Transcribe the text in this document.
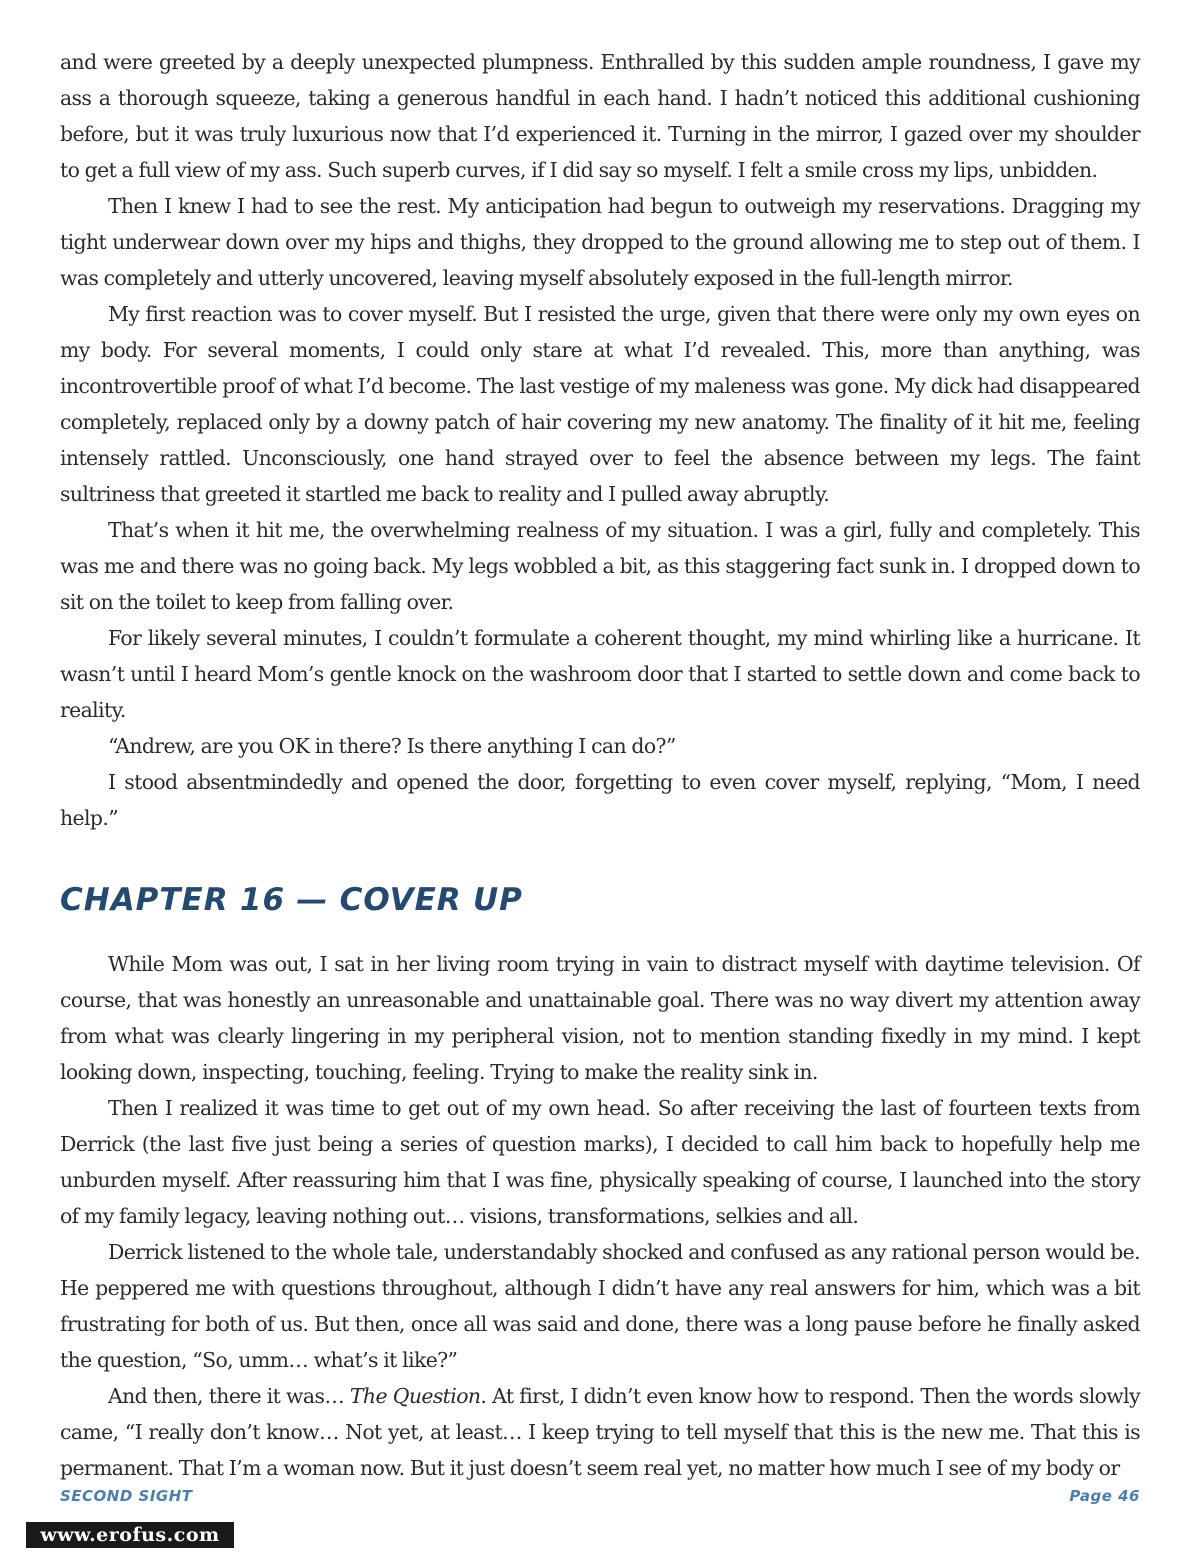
and were greeted by a deeply unexpected plumpness. Enthralled by this sudden ample roundness, I gave my ass a thorough squeeze, taking a generous handful in each hand. I hadn’t noticed this additional cushioning before, but it was truly luxurious now that I’d experienced it. Turning in the mirror, I gazed over my shoulder to get a full view of my ass. Such superb curves, if I did say so myself. I felt a smile cross my lips, unbidden.

Then I knew I had to see the rest. My anticipation had begun to outweigh my reservations. Dragging my tight underwear down over my hips and thighs, they dropped to the ground allowing me to step out of them. I was completely and utterly uncovered, leaving myself absolutely exposed in the full-length mirror.

My first reaction was to cover myself. But I resisted the urge, given that there were only my own eyes on my body. For several moments, I could only stare at what I’d revealed. This, more than anything, was incontrovertible proof of what I’d become. The last vestige of my maleness was gone. My dick had disappeared completely, replaced only by a downy patch of hair covering my new anatomy. The finality of it hit me, feeling intensely rattled. Unconsciously, one hand strayed over to feel the absence between my legs. The faint sultriness that greeted it startled me back to reality and I pulled away abruptly.

That’s when it hit me, the overwhelming realness of my situation. I was a girl, fully and completely. This was me and there was no going back. My legs wobbled a bit, as this staggering fact sunk in. I dropped down to sit on the toilet to keep from falling over.

For likely several minutes, I couldn’t formulate a coherent thought, my mind whirling like a hurricane. It wasn’t until I heard Mom’s gentle knock on the washroom door that I started to settle down and come back to reality.

“Andrew, are you OK in there? Is there anything I can do?”

I stood absentmindedly and opened the door, forgetting to even cover myself, replying, “Mom, I need help.”

CHAPTER 16 — COVER UP

While Mom was out, I sat in her living room trying in vain to distract myself with daytime television. Of course, that was honestly an unreasonable and unattainable goal. There was no way divert my attention away from what was clearly lingering in my peripheral vision, not to mention standing fixedly in my mind. I kept looking down, inspecting, touching, feeling. Trying to make the reality sink in.

Then I realized it was time to get out of my own head. So after receiving the last of fourteen texts from Derrick (the last five just being a series of question marks), I decided to call him back to hopefully help me unburden myself. After reassuring him that I was fine, physically speaking of course, I launched into the story of my family legacy, leaving nothing out… visions, transformations, selkies and all.

Derrick listened to the whole tale, understandably shocked and confused as any rational person would be. He peppered me with questions throughout, although I didn’t have any real answers for him, which was a bit frustrating for both of us. But then, once all was said and done, there was a long pause before he finally asked the question, “So, umm… what’s it like?”

And then, there it was… The Question. At first, I didn’t even know how to respond. Then the words slowly came, “I really don’t know… Not yet, at least… I keep trying to tell myself that this is the new me. That this is permanent. That I’m a woman now. But it just doesn’t seem real yet, no matter how much I see of my body or

SECOND SIGHT	Page 46
www.erofus.com
